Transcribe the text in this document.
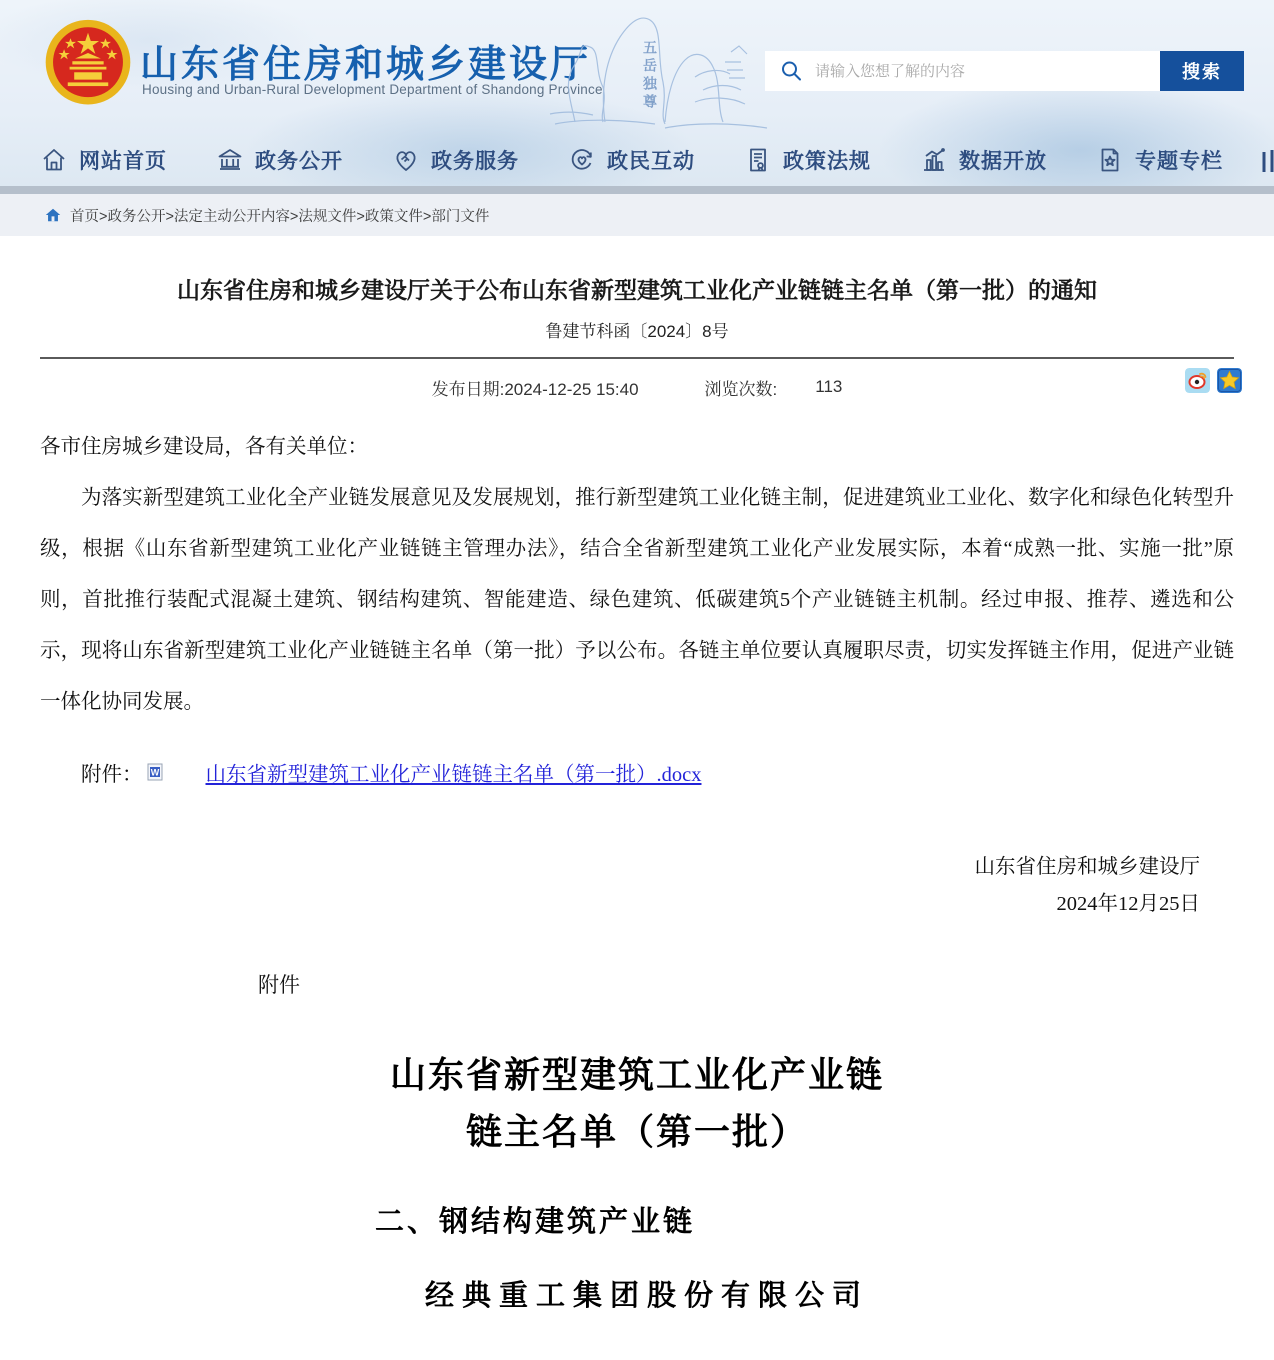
山东省住房和城乡建设厅
Housing and Urban-Rural Development Department of Shandong Province	五岳独尊
请输入您想了解的内容	搜索
网站首页	政务公开	政务服务	政民互动	政策法规	数据开放	专题专栏
首页>政务公开>法定主动公开内容>法规文件>政策文件>部门文件
山东省住房和城乡建设厅关于公布山东省新型建筑工业化产业链链主名单（第一批）的通知
鲁建节科函〔2024〕8号
发布日期:2024-12-25 15:40	浏览次数: 113
各市住房城乡建设局，各有关单位：
为落实新型建筑工业化全产业链发展意见及发展规划，推行新型建筑工业化链主制，促进建筑业工业化、数字化和绿色化转型升级，根据《山东省新型建筑工业化产业链链主管理办法》，结合全省新型建筑工业化产业发展实际，本着“成熟一批、实施一批”原则，首批推行装配式混凝土建筑、钢结构建筑、智能建造、绿色建筑、低碳建筑5个产业链链主机制。经过申报、推荐、遴选和公示，现将山东省新型建筑工业化产业链链主名单（第一批）予以公布。各链主单位要认真履职尽责，切实发挥链主作用，促进产业链一体化协同发展。
附件： W	山东省新型建筑工业化产业链链主名单（第一批）.docx
山东省住房和城乡建设厅
2024年12月25日
附件
山东省新型建筑工业化产业链
链主名单（第一批）
二、钢结构建筑产业链
经典重工集团股份有限公司
